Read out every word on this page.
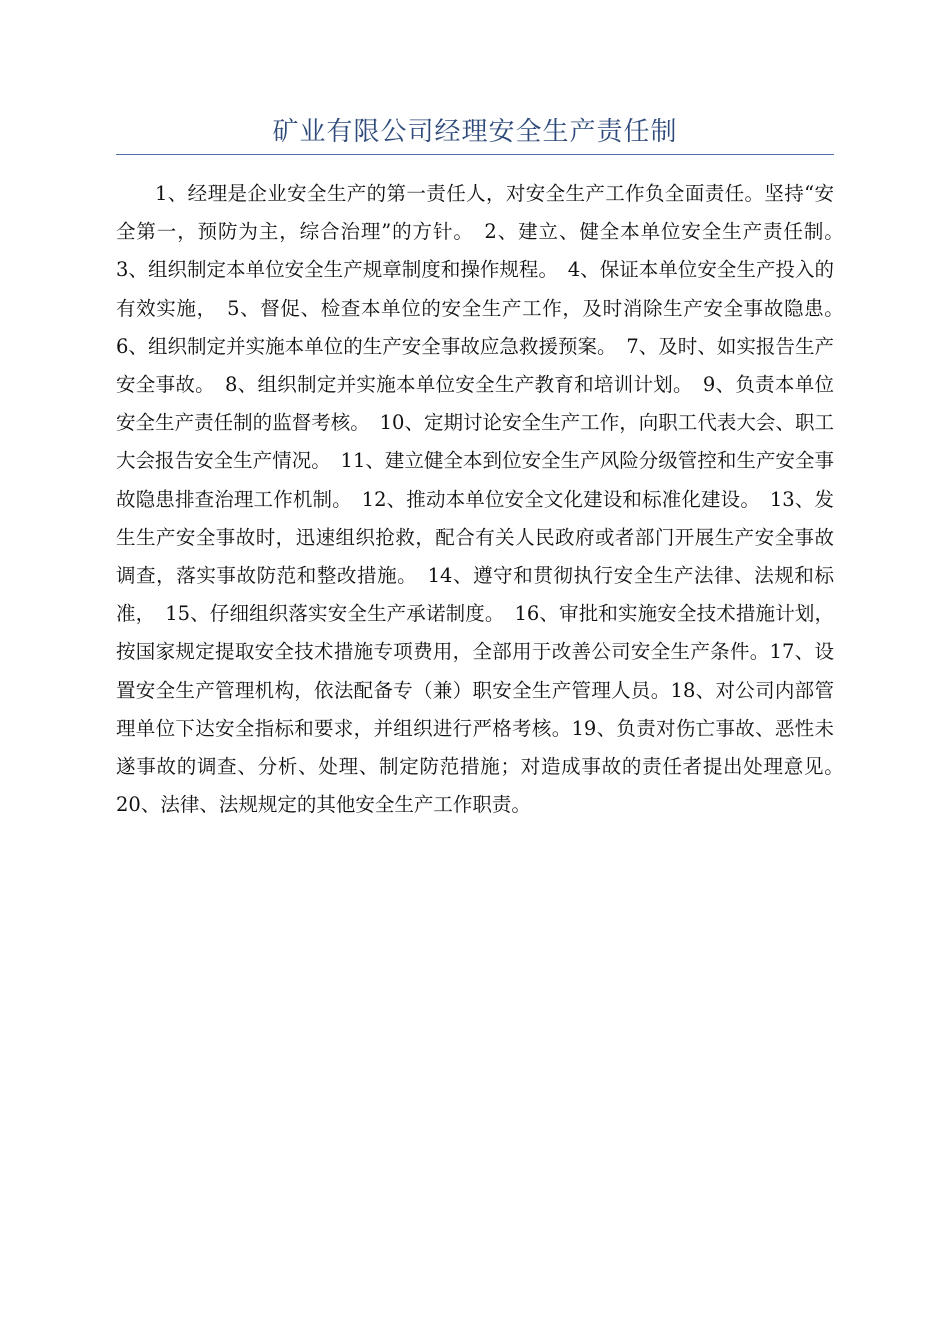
矿业有限公司经理安全生产责任制

1、经理是企业安全生产的第一责任人，对安全生产工作负全面责任。坚持“安全第一，预防为主，综合治理”的方针。　2、建立、健全本单位安全生产责任制。　3、组织制定本单位安全生产规章制度和操作规程。　4、保证本单位安全生产投入的有效实施，　5、督促、检查本单位的安全生产工作，及时消除生产安全事故隐患。　6、组织制定并实施本单位的生产安全事故应急救援预案。　7、及时、如实报告生产安全事故。　8、组织制定并实施本单位安全生产教育和培训计划。　9、负责本单位安全生产责任制的监督考核。　10、定期讨论安全生产工作，向职工代表大会、职工大会报告安全生产情况。　11、建立健全本到位安全生产风险分级管控和生产安全事故隐患排查治理工作机制。　12、推动本单位安全文化建设和标准化建设。　13、发生生产安全事故时，迅速组织抢救，配合有关人民政府或者部门开展生产安全事故调查，落实事故防范和整改措施。　14、遵守和贯彻执行安全生产法律、法规和标准，　15、仔细组织落实安全生产承诺制度。　16、审批和实施安全技术措施计划，按国家规定提取安全技术措施专项费用，全部用于改善公司安全生产条件。17、设置安全生产管理机构，依法配备专（兼）职安全生产管理人员。18、对公司内部管理单位下达安全指标和要求，并组织进行严格考核。19、负责对伤亡事故、恶性未遂事故的调查、分析、处理、制定防范措施；对造成事故的责任者提出处理意见。　20、法律、法规规定的其他安全生产工作职责。
